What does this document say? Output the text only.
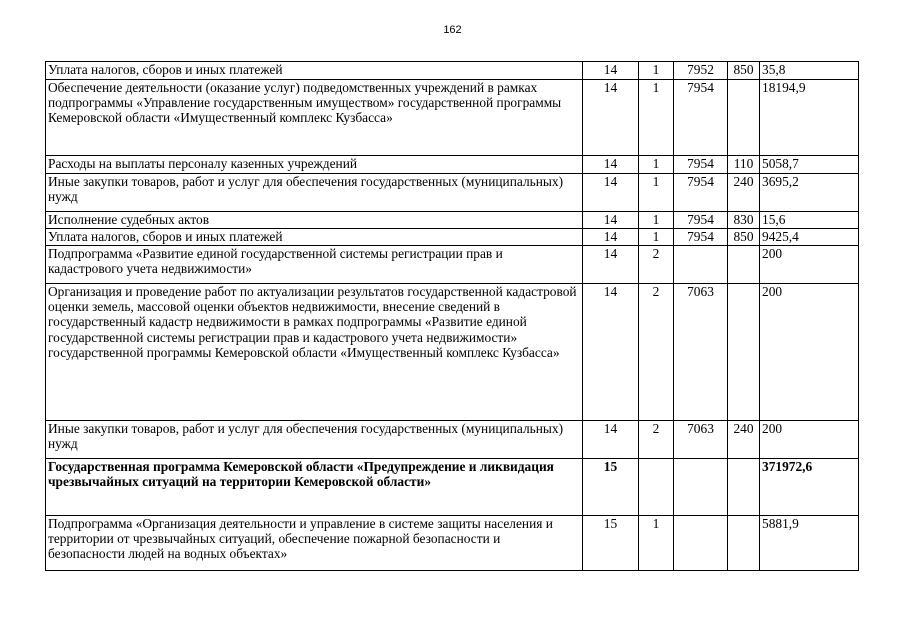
162
Уплата налогов, сборов и иных платежей	14	1	7952	850	35,8
Обеспечение деятельности (оказание услуг) подведомственных учреждений в рамках подпрограммы «Управление государственным имуществом» государственной программы Кемеровской области «Имущественный комплекс Кузбасса»	14	1	7954		18194,9
Расходы на выплаты персоналу казенных учреждений	14	1	7954	110	5058,7
Иные закупки товаров, работ и услуг для обеспечения государственных (муниципальных) нужд	14	1	7954	240	3695,2
Исполнение судебных актов	14	1	7954	830	15,6
Уплата налогов, сборов и иных платежей	14	1	7954	850	9425,4
Подпрограмма «Развитие единой государственной системы регистрации прав и кадастрового учета недвижимости»	14	2			200
Организация и проведение работ по актуализации результатов государственной кадастровой оценки земель, массовой оценки объектов недвижимости, внесение сведений в государственный кадастр недвижимости в рамках подпрограммы «Развитие единой государственной системы регистрации прав и кадастрового учета недвижимости» государственной программы Кемеровской области «Имущественный комплекс Кузбасса»	14	2	7063		200
Иные закупки товаров, работ и услуг для обеспечения государственных (муниципальных) нужд	14	2	7063	240	200
Государственная программа Кемеровской области «Предупреждение и ликвидация чрезвычайных ситуаций на территории Кемеровской области»	15				371972,6
Подпрограмма «Организация деятельности и управление в системе защиты населения и территории от чрезвычайных ситуаций, обеспечение пожарной безопасности и безопасности людей на водных объектах»	15	1			5881,9
